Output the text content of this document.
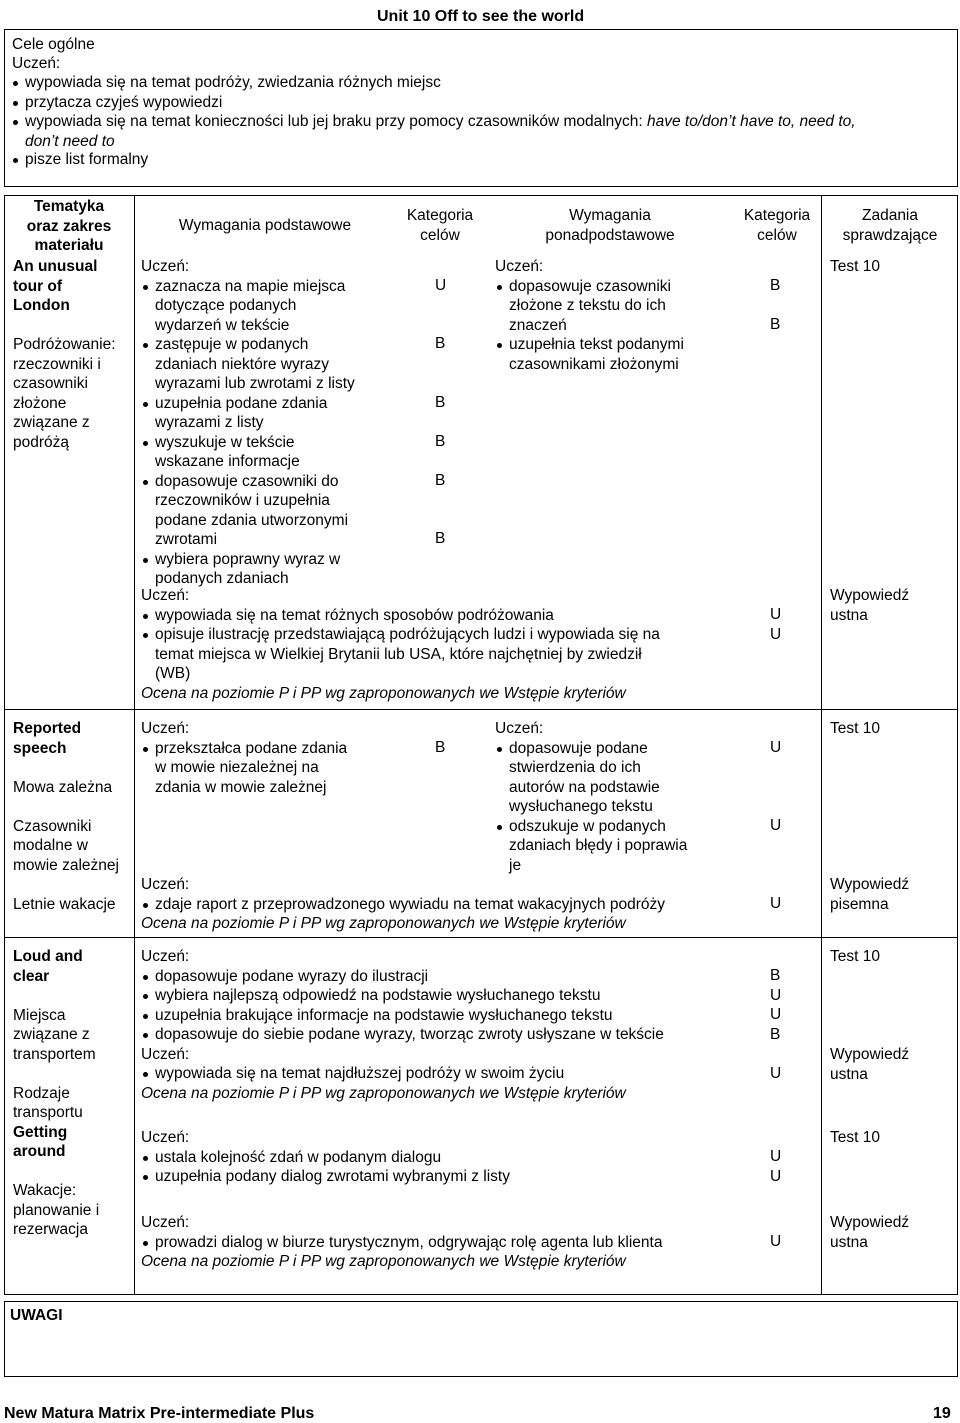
Unit 10 Off to see the world
Cele ogólne
Uczeń:
wypowiada się na temat podróży, zwiedzania różnych miejsc
przytacza czyjeś wypowiedzi
wypowiada się na temat konieczności lub jej braku przy pomocy czasowników modalnych: have to/don’t have to, need to,
don’t need to
pisze list formalny
Tematyka
oraz zakres
materiału
Wymagania podstawowe
Kategoria
celów
Wymagania
ponadpodstawowe
Kategoria
celów
Zadania
sprawdzające
An unusual
tour of
London
Podróżowanie:
rzeczowniki i
czasowniki
złożone
związane z
podróżą
Uczeń:
zaznacza na mapie miejsca
dotyczące podanych
wydarzeń w tekście
zastępuje w podanych
zdaniach niektóre wyrazy
wyrazami lub zwrotami z listy
uzupełnia podane zdania
wyrazami z listy
wyszukuje w tekście
wskazane informacje
dopasowuje czasowniki do
rzeczowników i uzupełnia
podane zdania utworzonymi
zwrotami
wybiera poprawny wyraz w
podanych zdaniach
U
B
B
B
B
B
Uczeń:
dopasowuje czasowniki
złożone z tekstu do ich
znaczeń
uzupełnia tekst podanymi
czasownikami złożonymi
B
B
Test 10
Uczeń:
wypowiada się na temat różnych sposobów podróżowania
opisuje ilustrację przedstawiającą podróżujących ludzi i wypowiada się na
temat miejsca w Wielkiej Brytanii lub USA, które najchętniej by zwiedził
(WB)
Ocena na poziomie P i PP wg zaproponowanych we Wstępie kryteriów
U
U
Wypowiedź
ustna
Reported
speech
Mowa zależna
Czasowniki
modalne w
mowie zależnej
Letnie wakacje
Uczeń:
przekształca podane zdania
w mowie niezależnej na
zdania w mowie zależnej
B
Uczeń:
dopasowuje podane
stwierdzenia do ich
autorów na podstawie
wysłuchanego tekstu
odszukuje w podanych
zdaniach błędy i poprawia
je
U
U
Test 10
Uczeń:
zdaje raport z przeprowadzonego wywiadu na temat wakacyjnych podróży
Ocena na poziomie P i PP wg zaproponowanych we Wstępie kryteriów
U
Wypowiedź
pisemna
Loud and
clear
Miejsca
związane z
transportem
Rodzaje
transportu
Getting
around
Wakacje:
planowanie i
rezerwacja
Uczeń:
dopasowuje podane wyrazy do ilustracji
wybiera najlepszą odpowiedź na podstawie wysłuchanego tekstu
uzupełnia brakujące informacje na podstawie wysłuchanego tekstu
dopasowuje do siebie podane wyrazy, tworząc zwroty usłyszane w tekście
Uczeń:
wypowiada się na temat najdłuższej podróży w swoim życiu
Ocena na poziomie P i PP wg zaproponowanych we Wstępie kryteriów
B
U
U
B
U
Test 10
Wypowiedź
ustna
Uczeń:
ustala kolejność zdań w podanym dialogu
uzupełnia podany dialog zwrotami wybranymi z listy
U
U
Test 10
Uczeń:
prowadzi dialog w biurze turystycznym, odgrywając rolę agenta lub klienta
Ocena na poziomie P i PP wg zaproponowanych we Wstępie kryteriów
U
Wypowiedź
ustna
UWAGI
New Matura Matrix Pre-intermediate Plus	19
